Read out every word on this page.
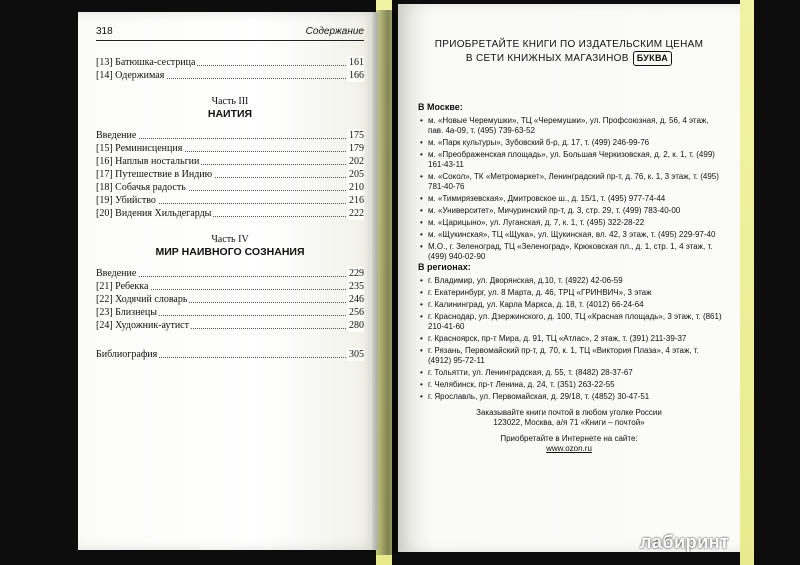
318	Содержание
[13] Батюшка-сестрица	161
[14] Одержимая	166
Часть III
НАИТИЯ
Введение	175
[15] Реминисценция	179
[16] Наплыв ностальгии	202
[17] Путешествие в Индию	205
[18] Собачья радость	210
[19] Убийство	216
[20] Видения Хильдегарды	222
Часть IV
МИР НАИВНОГО СОЗНАНИЯ
Введение	229
[21] Ребекка	235
[22] Ходячий словарь	246
[23] Близнецы	256
[24] Художник-аутист	280
Библиография	305
ПРИОБРЕТАЙТЕ КНИГИ ПО ИЗДАТЕЛЬСКИМ ЦЕНАМ
В СЕТИ КНИЖНЫХ МАГАЗИНОВ БУКВА
В Москве:
• м. «Новые Черемушки», ТЦ «Черемушки», ул. Профсоюзная, д. 56, 4 этаж, пав. 4а-09, т. (495) 739-63-52
• м. «Парк культуры», Зубовский б-р, д. 17, т. (499) 246-99-76
• м. «Преображенская площадь», ул. Большая Черкизовская, д. 2, к. 1, т. (499) 161-43-11
• м. «Сокол», ТК «Метромаркет», Ленинградский пр-т, д. 76, к. 1, 3 этаж, т. (495) 781-40-76
• м. «Тимирязевская», Дмитровское ш., д. 15/1, т. (495) 977-74-44
• м. «Университет», Мичуринский пр-т, д. 3, стр. 29, т. (499) 783-40-00
• м. «Царицыно», ул. Луганская, д. 7, к. 1, т. (495) 322-28-22
• м. «Щукинская», ТЦ «Щука», ул. Щукинская, вл. 42, 3 этаж, т. (495) 229-97-40
• М.О., г. Зеленоград, ТЦ «Зеленоград», Крюковская пл., д. 1, стр. 1, 4 этаж, т. (499) 940-02-90
В регионах:
• г. Владимир, ул. Дворянская, д.10, т. (4922) 42-06-59
• г. Екатеринбург, ул. 8 Марта, д. 46, ТРЦ «ГРИНВИЧ», 3 этаж
• г. Калининград, ул. Карла Маркса, д. 18, т. (4012) 66-24-64
• г. Краснодар, ул. Дзержинского, д. 100, ТЦ «Красная площадь», 3 этаж, т. (861) 210-41-60
• г. Красноярск, пр-т Мира, д. 91, ТЦ «Атлас», 2 этаж, т. (391) 211-39-37
• г. Рязань, Первомайский пр-т, д. 70, к. 1, ТЦ «Виктория Плаза», 4 этаж, т. (4912) 95-72-11
• г. Тольятти, ул. Ленинградская, д. 55, т. (8482) 28-37-67
• г. Челябинск, пр-т Ленина, д. 24, т. (351) 263-22-55
• г. Ярославль, ул. Первомайская, д. 29/18, т. (4852) 30-47-51

Заказывайте книги почтой в любом уголке России
123022, Москва, а/я 71 «Книги – почтой»

Приобретайте в Интернете на сайте:
www.ozon.ru

лабиринт
